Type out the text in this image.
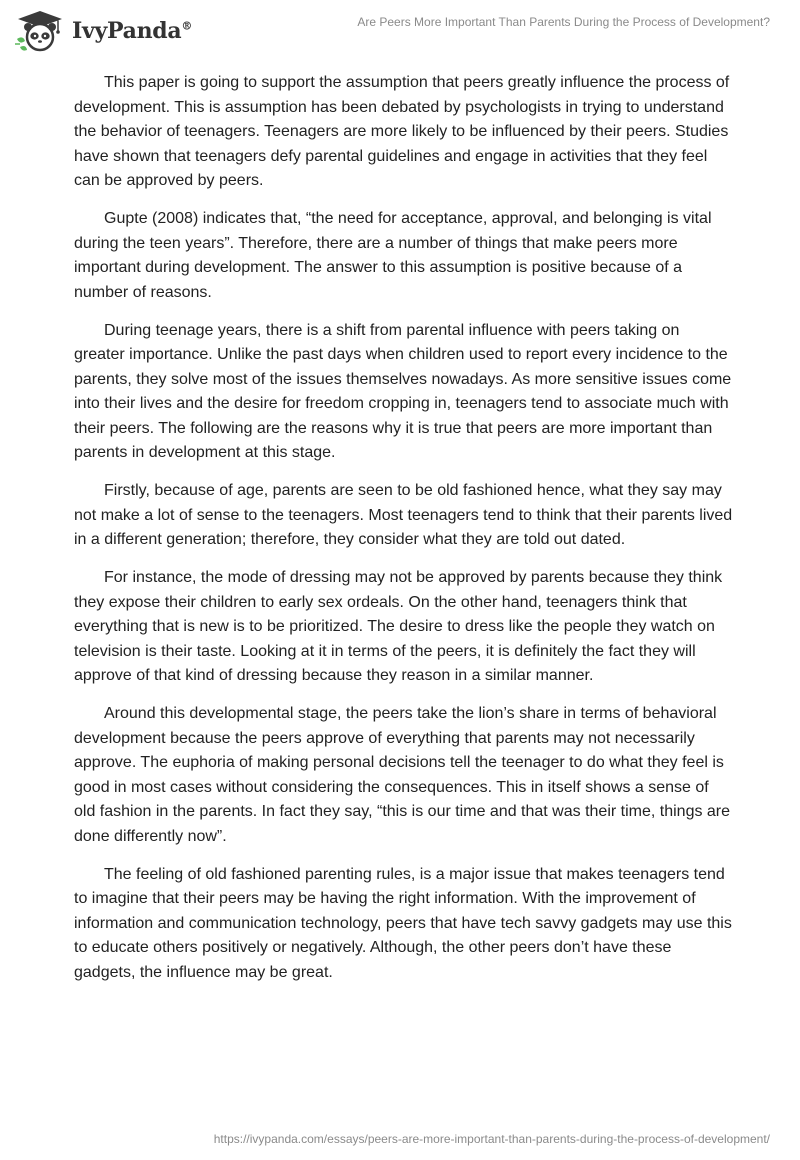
IvyPanda®	Are Peers More Important Than Parents During the Process of Development?

This paper is going to support the assumption that peers greatly influence the process of development. This is assumption has been debated by psychologists in trying to understand the behavior of teenagers. Teenagers are more likely to be influenced by their peers. Studies have shown that teenagers defy parental guidelines and engage in activities that they feel can be approved by peers.

Gupte (2008) indicates that, “the need for acceptance, approval, and belonging is vital during the teen years”. Therefore, there are a number of things that make peers more important during development. The answer to this assumption is positive because of a number of reasons.

During teenage years, there is a shift from parental influence with peers taking on greater importance. Unlike the past days when children used to report every incidence to the parents, they solve most of the issues themselves nowadays. As more sensitive issues come into their lives and the desire for freedom cropping in, teenagers tend to associate much with their peers. The following are the reasons why it is true that peers are more important than parents in development at this stage.

Firstly, because of age, parents are seen to be old fashioned hence, what they say may not make a lot of sense to the teenagers. Most teenagers tend to think that their parents lived in a different generation; therefore, they consider what they are told out dated.

For instance, the mode of dressing may not be approved by parents because they think they expose their children to early sex ordeals. On the other hand, teenagers think that everything that is new is to be prioritized. The desire to dress like the people they watch on television is their taste. Looking at it in terms of the peers, it is definitely the fact they will approve of that kind of dressing because they reason in a similar manner.

Around this developmental stage, the peers take the lion’s share in terms of behavioral development because the peers approve of everything that parents may not necessarily approve. The euphoria of making personal decisions tell the teenager to do what they feel is good in most cases without considering the consequences. This in itself shows a sense of old fashion in the parents. In fact they say, “this is our time and that was their time, things are done differently now”.

The feeling of old fashioned parenting rules, is a major issue that makes teenagers tend to imagine that their peers may be having the right information. With the improvement of information and communication technology, peers that have tech savvy gadgets may use this to educate others positively or negatively. Although, the other peers don’t have these gadgets, the influence may be great.

https://ivypanda.com/essays/peers-are-more-important-than-parents-during-the-process-of-development/
